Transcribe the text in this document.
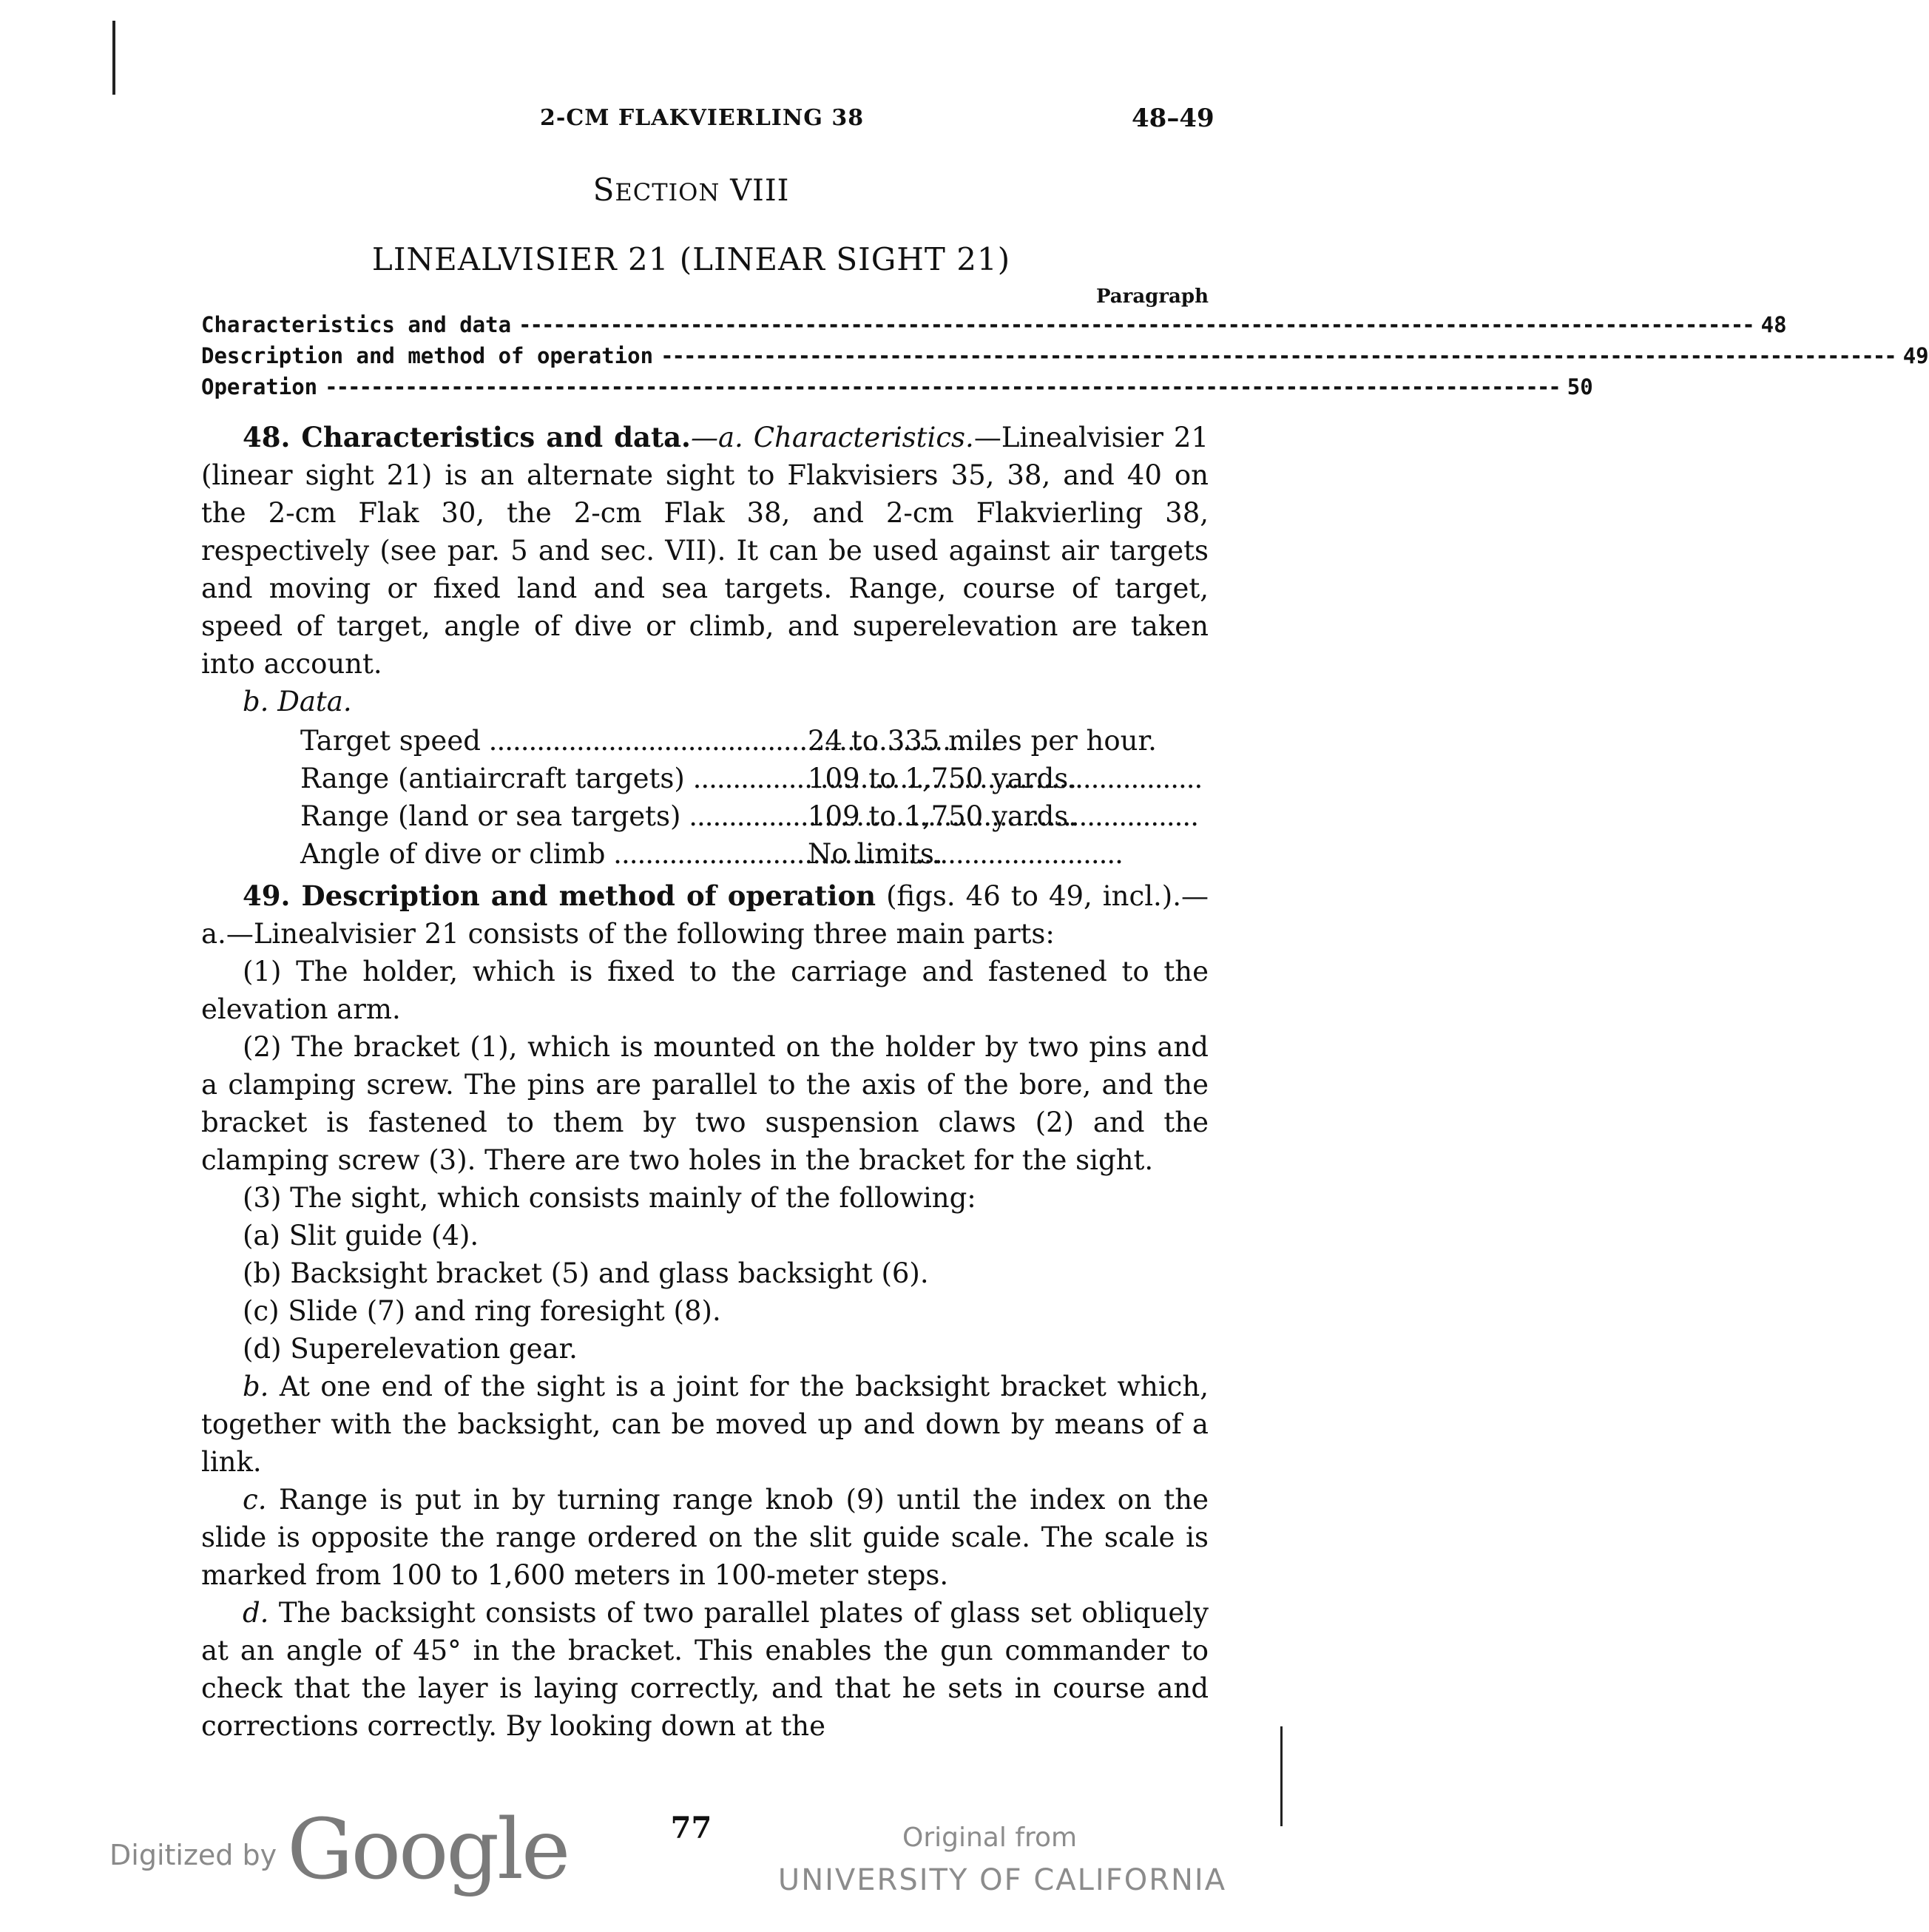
2-CM FLAKVIERLING 38	48–49
SECTION VIII
LINEALVISIER 21 (LINEAR SIGHT 21)
Paragraph
Characteristics and data ------------------------------------------------------------------------------------------------------------ 48
Description and method of operation ------------------------------------------------------------------------------------------------------------ 49
Operation ------------------------------------------------------------------------------------------------------------ 50

48. Characteristics and data.—a. Characteristics.—Linealvisier 21 (linear sight 21) is an alternate sight to Flakvisiers 35, 38, and 40 on the 2-cm Flak 30, the 2-cm Flak 38, and 2-cm Flakvierling 38, respectively (see par. 5 and sec. VII). It can be used against air targets and moving or fixed land and sea targets. Range, course of target, speed of target, angle of dive or climb, and superelevation are taken into account.

b. Data.

Target speed .....	24 to 335 miles per hour.
Range (antiaircraft targets) .....	109 to 1,750 yards.
Range (land or sea targets) .....	109 to 1,750 yards.
Angle of dive or climb .....	No limits.

49. Description and method of operation (figs. 46 to 49, incl.).—a.—Linealvisier 21 consists of the following three main parts:

(1) The holder, which is fixed to the carriage and fastened to the elevation arm.

(2) The bracket (1), which is mounted on the holder by two pins and a clamping screw. The pins are parallel to the axis of the bore, and the bracket is fastened to them by two suspension claws (2) and the clamping screw (3). There are two holes in the bracket for the sight.

(3) The sight, which consists mainly of the following:

(a) Slit guide (4).

(b) Backsight bracket (5) and glass backsight (6).

(c) Slide (7) and ring foresight (8).

(d) Superelevation gear.

b. At one end of the sight is a joint for the backsight bracket which, together with the backsight, can be moved up and down by means of a link.

c. Range is put in by turning range knob (9) until the index on the slide is opposite the range ordered on the slit guide scale. The scale is marked from 100 to 1,600 meters in 100-meter steps.

d. The backsight consists of two parallel plates of glass set obliquely at an angle of 45° in the bracket. This enables the gun commander to check that the layer is laying correctly, and that he sets in course and corrections correctly. By looking down at the

77
Digitized by Google	Original from
UNIVERSITY OF CALIFORNIA
